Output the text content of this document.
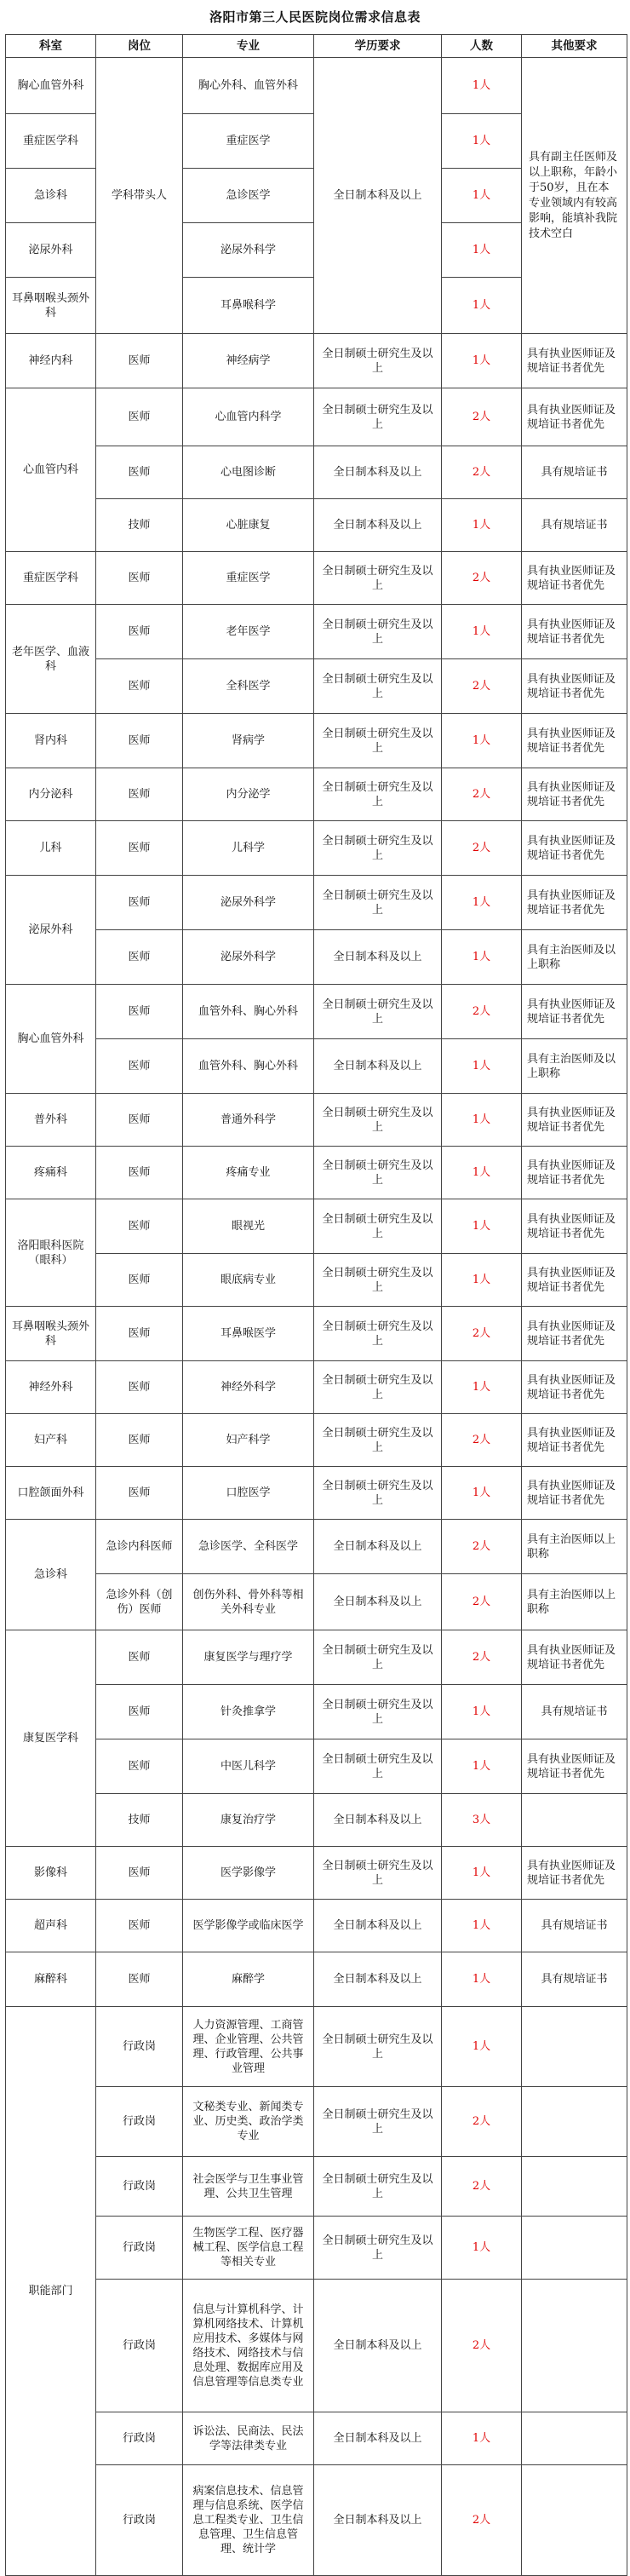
洛阳市第三人民医院岗位需求信息表
科室	岗位	专业	学历要求	人数	其他要求
胸心血管外科	学科带头人	胸心外科、血管外科	全日制本科及以上	1人	具有副主任医师及以上职称，年龄小于50岁，且在本专业领域内有较高影响，能填补我院技术空白
重症医学科		重症医学		1人	
急诊科		急诊医学		1人	
泌尿外科		泌尿外科学		1人	
耳鼻咽喉头颈外科		耳鼻喉科学		1人	
神经内科	医师	神经病学	全日制硕士研究生及以上	1人	具有执业医师证及规培证书者优先
心血管内科	医师	心血管内科学	全日制硕士研究生及以上	2人	具有执业医师证及规培证书者优先
	医师	心电图诊断	全日制本科及以上	2人	具有规培证书
	技师	心脏康复	全日制本科及以上	1人	具有规培证书
重症医学科	医师	重症医学	全日制硕士研究生及以上	2人	具有执业医师证及规培证书者优先
老年医学、血液科	医师	老年医学	全日制硕士研究生及以上	1人	具有执业医师证及规培证书者优先
	医师	全科医学	全日制硕士研究生及以上	2人	具有执业医师证及规培证书者优先
肾内科	医师	肾病学	全日制硕士研究生及以上	1人	具有执业医师证及规培证书者优先
内分泌科	医师	内分泌学	全日制硕士研究生及以上	2人	具有执业医师证及规培证书者优先
儿科	医师	儿科学	全日制硕士研究生及以上	2人	具有执业医师证及规培证书者优先
泌尿外科	医师	泌尿外科学	全日制硕士研究生及以上	1人	具有执业医师证及规培证书者优先
	医师	泌尿外科学	全日制本科及以上	1人	具有主治医师及以上职称
胸心血管外科	医师	血管外科、胸心外科	全日制硕士研究生及以上	2人	具有执业医师证及规培证书者优先
	医师	血管外科、胸心外科	全日制本科及以上	1人	具有主治医师及以上职称
普外科	医师	普通外科学	全日制硕士研究生及以上	1人	具有执业医师证及规培证书者优先
疼痛科	医师	疼痛专业	全日制硕士研究生及以上	1人	具有执业医师证及规培证书者优先
洛阳眼科医院（眼科）	医师	眼视光	全日制硕士研究生及以上	1人	具有执业医师证及规培证书者优先
	医师	眼底病专业	全日制硕士研究生及以上	1人	具有执业医师证及规培证书者优先
耳鼻咽喉头颈外科	医师	耳鼻喉医学	全日制硕士研究生及以上	2人	具有执业医师证及规培证书者优先
神经外科	医师	神经外科学	全日制硕士研究生及以上	1人	具有执业医师证及规培证书者优先
妇产科	医师	妇产科学	全日制硕士研究生及以上	2人	具有执业医师证及规培证书者优先
口腔颌面外科	医师	口腔医学	全日制硕士研究生及以上	1人	具有执业医师证及规培证书者优先
急诊科	急诊内科医师	急诊医学、全科医学	全日制本科及以上	2人	具有主治医师以上职称
	急诊外科（创伤）医师	创伤外科、骨外科等相关外科专业	全日制本科及以上	2人	具有主治医师以上职称
康复医学科	医师	康复医学与理疗学	全日制硕士研究生及以上	2人	具有执业医师证及规培证书者优先
	医师	针灸推拿学	全日制硕士研究生及以上	1人	具有规培证书
	医师	中医儿科学	全日制硕士研究生及以上	1人	具有执业医师证及规培证书者优先
	技师	康复治疗学	全日制本科及以上	3人	
影像科	医师	医学影像学	全日制硕士研究生及以上	1人	具有执业医师证及规培证书者优先
超声科	医师	医学影像学或临床医学	全日制本科及以上	1人	具有规培证书
麻醉科	医师	麻醉学	全日制本科及以上	1人	具有规培证书
职能部门	行政岗	人力资源管理、工商管理、企业管理、公共管理、行政管理、公共事业管理	全日制硕士研究生及以上	1人	
	行政岗	文秘类专业、新闻类专业、历史类、政治学类专业	全日制硕士研究生及以上	2人	
	行政岗	社会医学与卫生事业管理、公共卫生管理	全日制硕士研究生及以上	2人	
	行政岗	生物医学工程、医疗器械工程、医学信息工程等相关专业	全日制硕士研究生及以上	1人	
	行政岗	信息与计算机科学、计算机网络技术、计算机应用技术、多媒体与网络技术、网络技术与信息处理、数据库应用及信息管理等信息类专业	全日制本科及以上	2人	
	行政岗	诉讼法、民商法、民法学等法律类专业	全日制本科及以上	1人	
	行政岗	病案信息技术、信息管理与信息系统、医学信息工程类专业、卫生信息管理、卫生信息管理、统计学	全日制本科及以上	2人	
